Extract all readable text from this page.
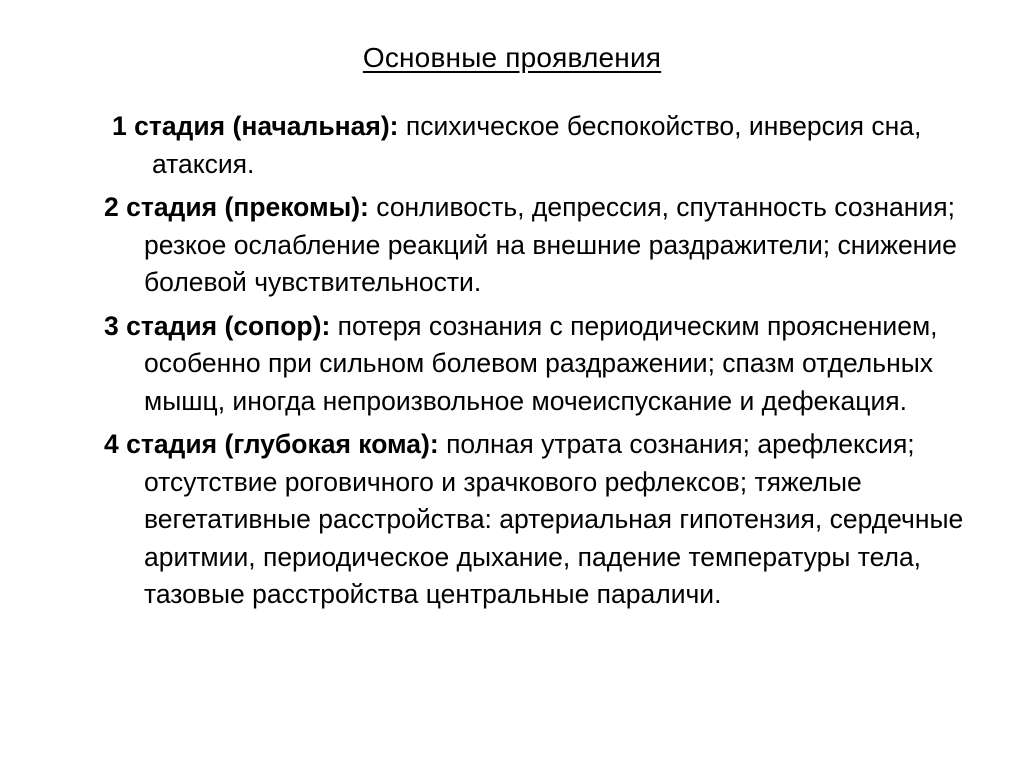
Основные проявления
1 стадия (начальная): психическое беспокойство, инверсия сна, атаксия.
2 стадия (прекомы): сонливость, депрессия, спутанность сознания; резкое ослабление реакций на внешние раздражители; снижение болевой чувствительности.
3 стадия (сопор): потеря сознания с периодическим прояснением, особенно при сильном болевом раздражении; спазм отдельных мышц, иногда непроизвольное мочеиспускание и дефекация.
4 стадия (глубокая кома): полная утрата сознания; арефлексия; отсутствие роговичного и зрачкового рефлексов; тяжелые вегетативные расстройства: артериальная гипотензия, сердечные аритмии, периодическое дыхание, падение температуры тела, тазовые расстройства центральные параличи.
